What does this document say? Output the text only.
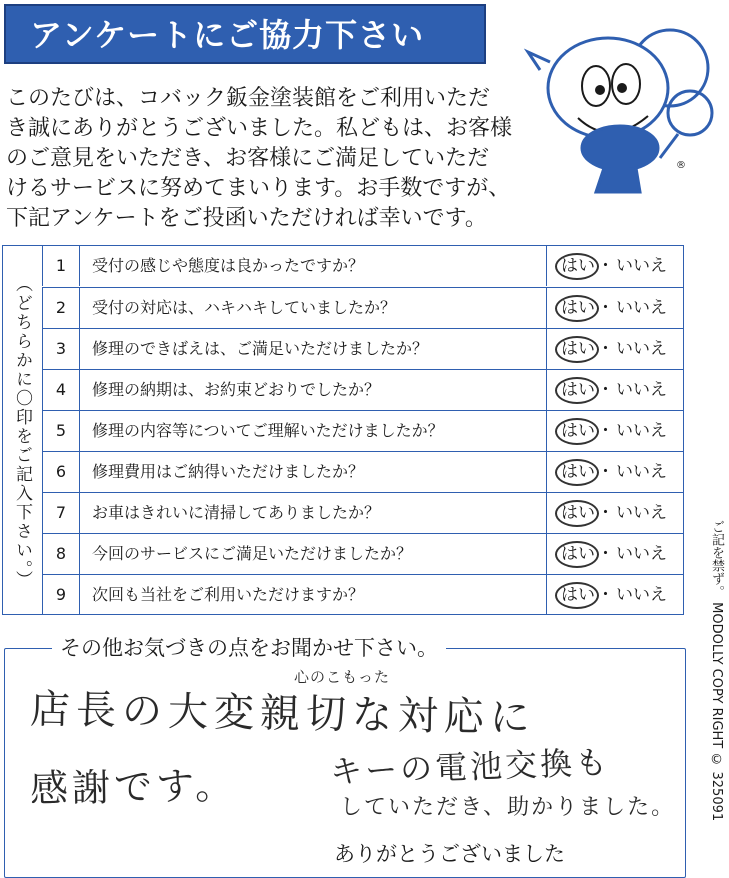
アンケートにご協力下さい
®
このたびは、コバック鈑金塗装館をご利用いただ
き誠にありがとうございました。私どもは、お客様
のご意見をいただき、お客様にご満足していただ
けるサービスに努めてまいります。お手数ですが、
下記アンケートをご投函いただければ幸いです。
（どちらかに〇印をご記入下さい。）
1	受付の感じや態度は良かったですか？	はい ・ いいえ
2	受付の対応は、ハキハキしていましたか？	はい ・ いいえ
3	修理のできばえは、ご満足いただけましたか？	はい ・ いいえ
4	修理の納期は、お約束どおりでしたか？	はい ・ いいえ
5	修理の内容等についてご理解いただけましたか？	はい ・ いいえ
6	修理費用はご納得いただけましたか？	はい ・ いいえ
7	お車はきれいに清掃してありましたか？	はい ・ いいえ
8	今回のサービスにご満足いただけましたか？	はい ・ いいえ
9	次回も当社をご利用いただけますか？	はい ・ いいえ
その他お気づきの点をお聞かせ下さい。
心のこもった
店長の大変親切な対応に
感謝です。	キーの電池交換も
していただき、助かりました。
ありがとうございました
ご記を禁ず。 MODOLLY COPY RIGHT © 325091
